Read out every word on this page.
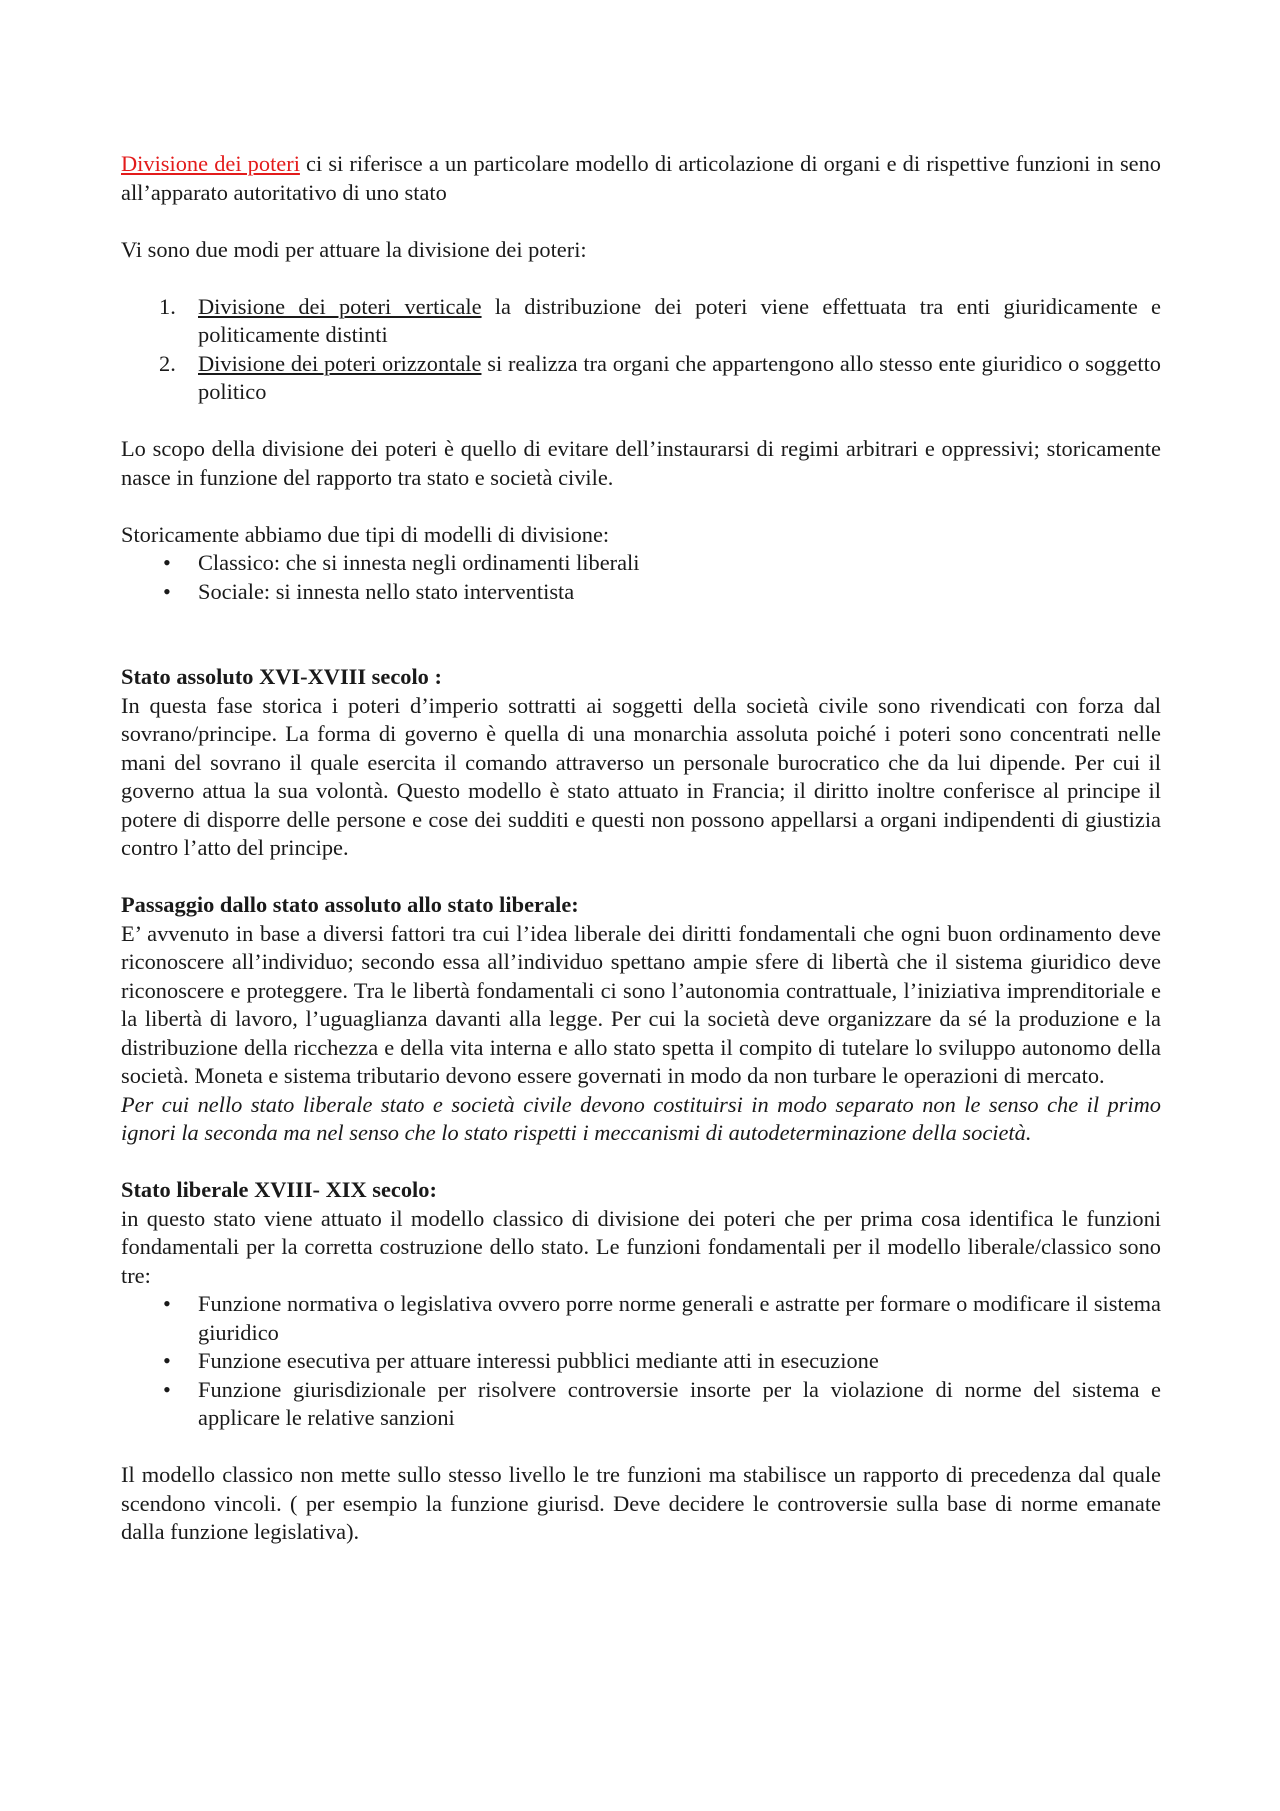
Divisione dei poteri ci si riferisce a un particolare modello di articolazione di organi e di rispettive funzioni in seno all’apparato autoritativo di uno stato

Vi sono due modi per attuare la divisione dei poteri:

1. Divisione dei poteri verticale la distribuzione dei poteri viene effettuata tra enti giuridicamente e politicamente distinti
2. Divisione dei poteri orizzontale si realizza tra organi che appartengono allo stesso ente giuridico o soggetto politico

Lo scopo della divisione dei poteri è quello di evitare dell’instaurarsi di regimi arbitrari e oppressivi; storicamente nasce in funzione del rapporto tra stato e società civile.

Storicamente abbiamo due tipi di modelli di divisione:

• Classico: che si innesta negli ordinamenti liberali
• Sociale: si innesta nello stato interventista

Stato assoluto XVI-XVIII secolo :

In questa fase storica i poteri d’imperio sottratti ai soggetti della società civile sono rivendicati con forza dal sovrano/principe. La forma di governo è quella di una monarchia assoluta poiché i poteri sono concentrati nelle mani del sovrano il quale esercita il comando attraverso un personale burocratico che da lui dipende. Per cui il governo attua la sua volontà. Questo modello è stato attuato in Francia; il diritto inoltre conferisce al principe il potere di disporre delle persone e cose dei sudditi e questi non possono appellarsi a organi indipendenti di giustizia contro l’atto del principe.

Passaggio dallo stato assoluto allo stato liberale:

E’ avvenuto in base a diversi fattori tra cui l’idea liberale dei diritti fondamentali che ogni buon ordinamento deve riconoscere all’individuo; secondo essa all’individuo spettano ampie sfere di libertà che il sistema giuridico deve riconoscere e proteggere. Tra le libertà fondamentali ci sono l’autonomia contrattuale, l’iniziativa imprenditoriale e la libertà di lavoro, l’uguaglianza davanti alla legge. Per cui la società deve organizzare da sé la produzione e la distribuzione della ricchezza e della vita interna e allo stato spetta il compito di tutelare lo sviluppo autonomo della società. Moneta e sistema tributario devono essere governati in modo da non turbare le operazioni di mercato.

Per cui nello stato liberale stato e società civile devono costituirsi in modo separato non le senso che il primo ignori la seconda ma nel senso che lo stato rispetti i meccanismi di autodeterminazione della società.

Stato liberale XVIII- XIX secolo:

in questo stato viene attuato il modello classico di divisione dei poteri che per prima cosa identifica le funzioni fondamentali per la corretta costruzione dello stato. Le funzioni fondamentali per il modello liberale/classico sono tre:

• Funzione normativa o legislativa ovvero porre norme generali e astratte per formare o modificare il sistema giuridico
• Funzione esecutiva per attuare interessi pubblici mediante atti in esecuzione
• Funzione giurisdizionale per risolvere controversie insorte per la violazione di norme del sistema e applicare le relative sanzioni

Il modello classico non mette sullo stesso livello le tre funzioni ma stabilisce un rapporto di precedenza dal quale scendono vincoli. ( per esempio la funzione giurisd. Deve decidere le controversie sulla base di norme emanate dalla funzione legislativa).
